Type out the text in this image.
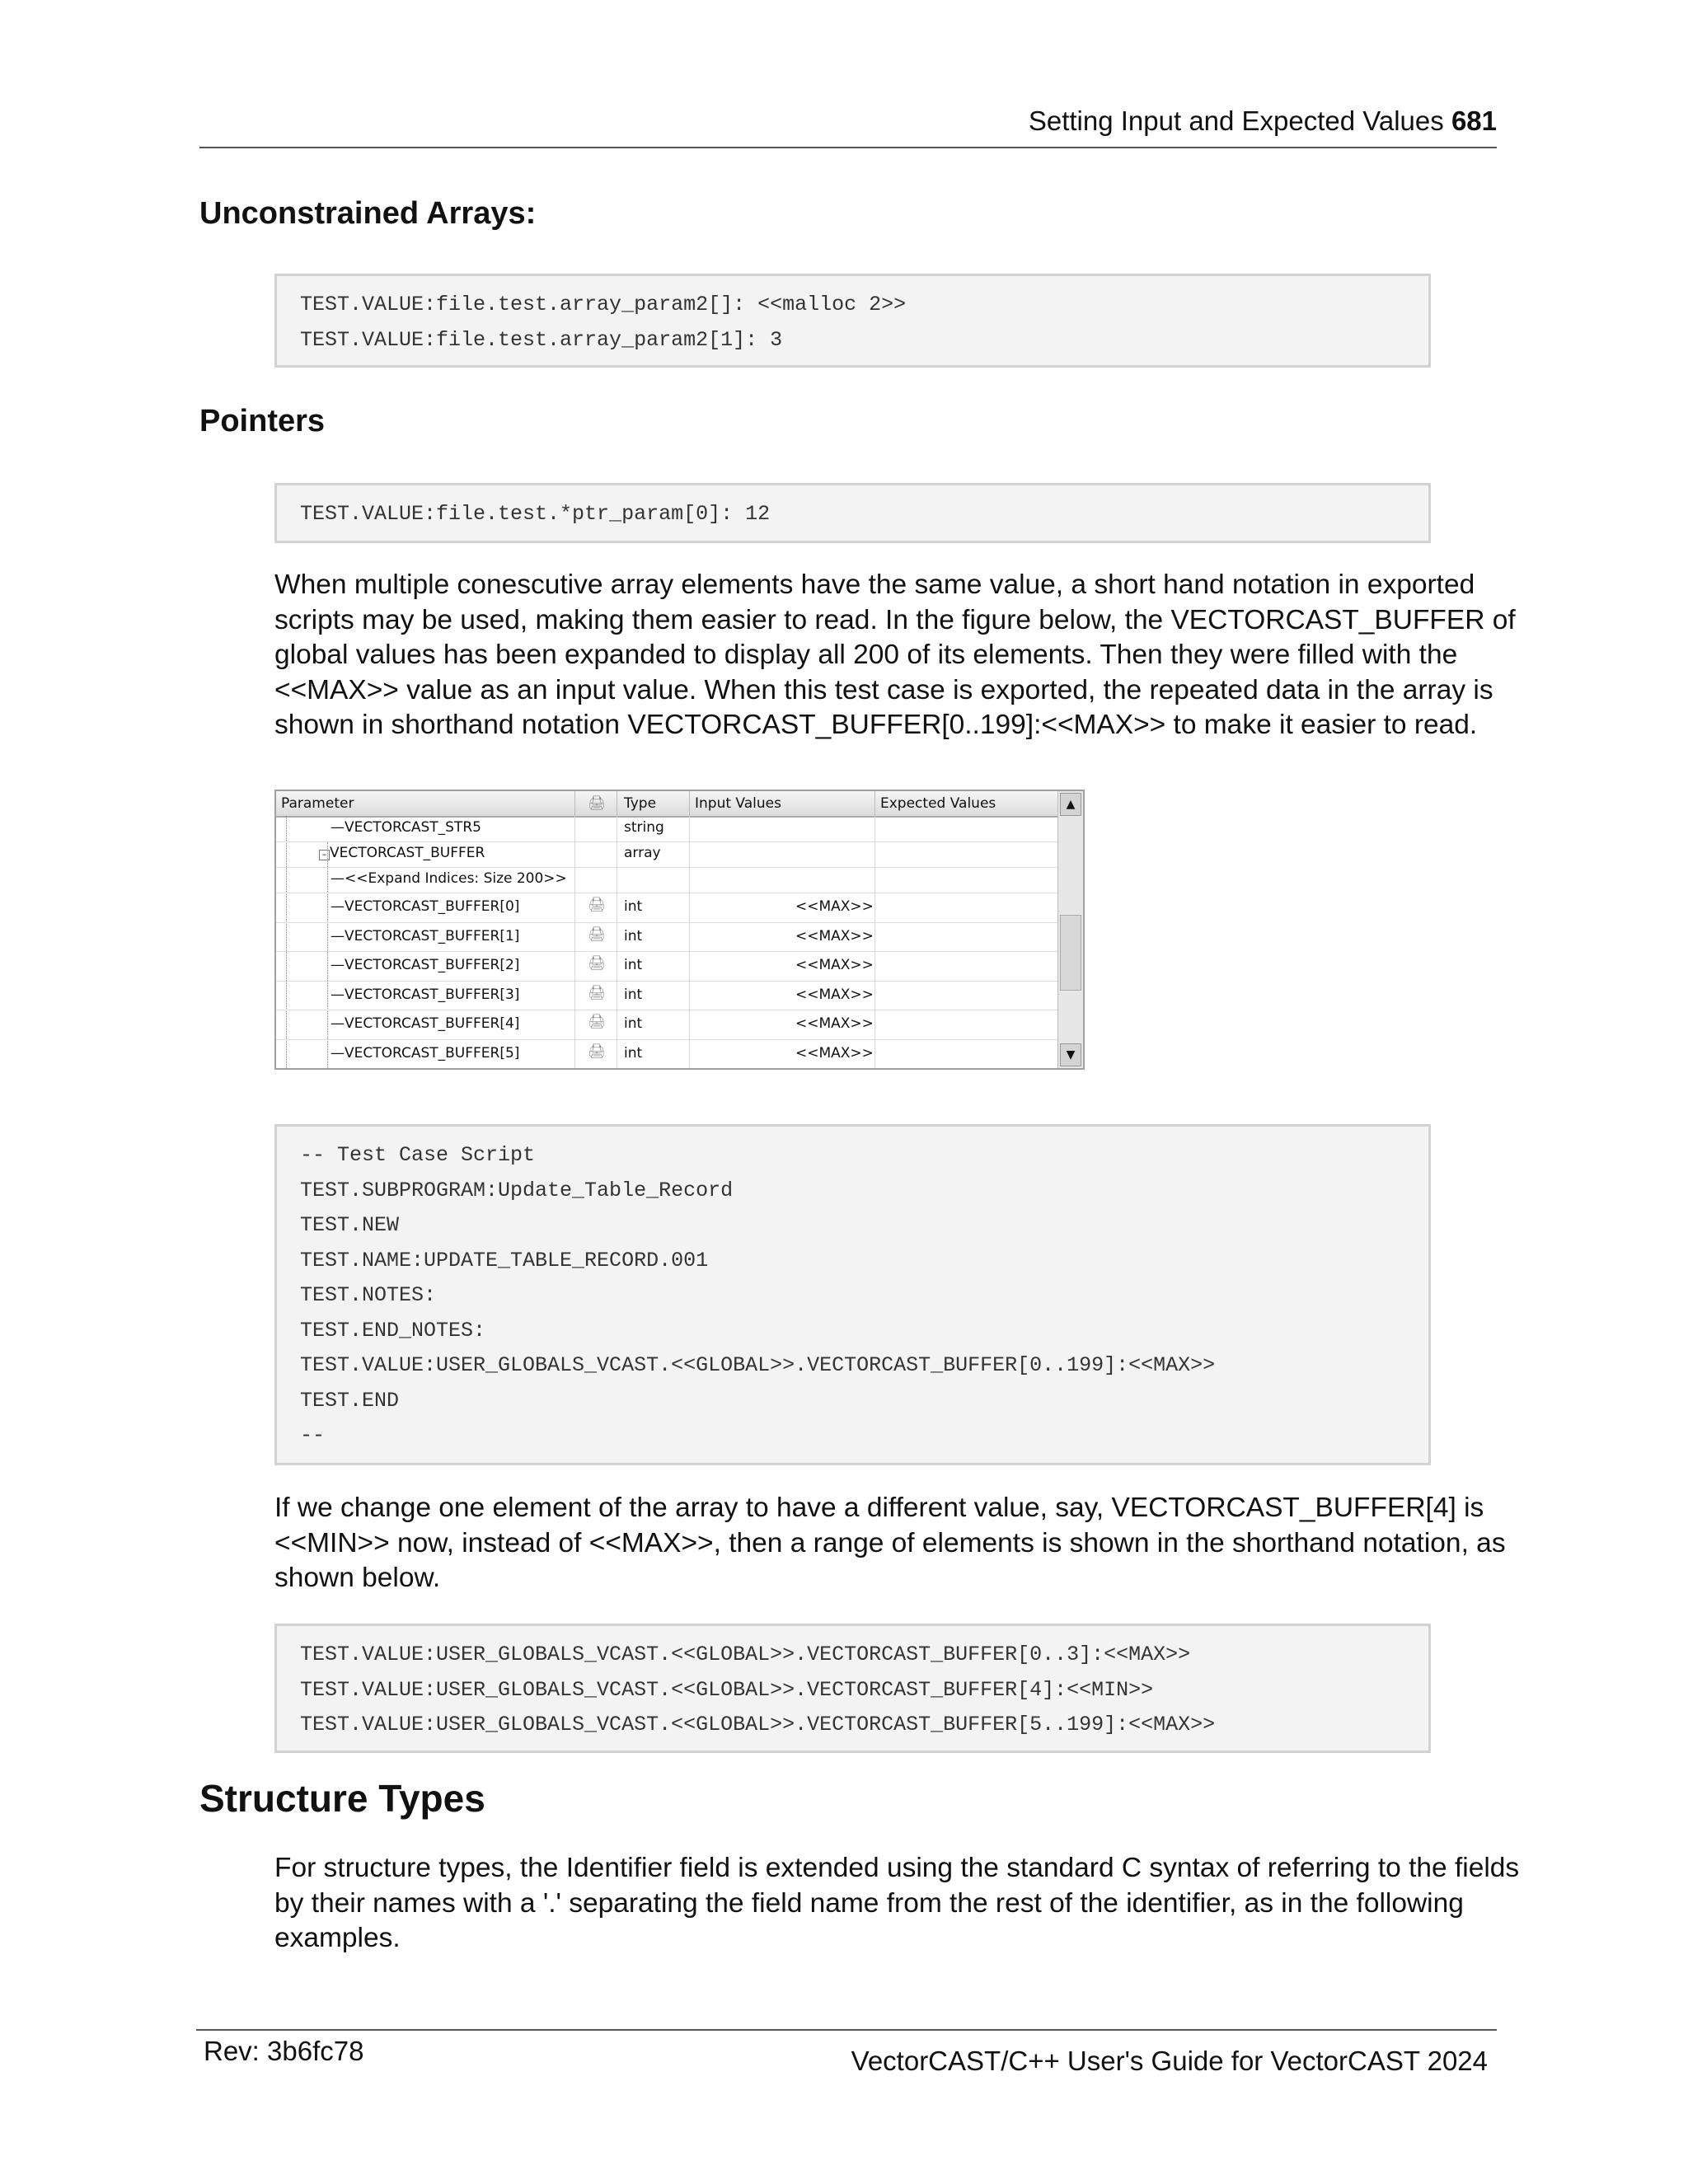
Setting Input and Expected Values 681
Unconstrained Arrays:
TEST.VALUE:file.test.array_param2[]: <<malloc 2>>
TEST.VALUE:file.test.array_param2[1]: 3
Pointers
TEST.VALUE:file.test.*ptr_param[0]: 12
When multiple conescutive array elements have the same value, a short hand notation in exported
scripts may be used, making them easier to read. In the figure below, the VECTORCAST_BUFFER of
global values has been expanded to display all 200 of its elements. Then they were filled with the
<<MAX>> value as an input value. When this test case is exported, the repeated data in the array is
shown in shorthand notation VECTORCAST_BUFFER[0..199]:<<MAX>> to make it easier to read.
Parameter	🖨 Type	Input Values	Expected Values
—VECTORCAST_STR5	string
– VECTORCAST_BUFFER	array
—<<Expand Indices: Size 200>>
—VECTORCAST_BUFFER[0]	🖨 int	<<MAX>>
—VECTORCAST_BUFFER[1]	🖨 int	<<MAX>>
—VECTORCAST_BUFFER[2]	🖨 int	<<MAX>>
—VECTORCAST_BUFFER[3]	🖨 int	<<MAX>>
—VECTORCAST_BUFFER[4]	🖨 int	<<MAX>>
—VECTORCAST_BUFFER[5]	🖨 int	<<MAX>>
▲
▼
-- Test Case Script
TEST.SUBPROGRAM:Update_Table_Record
TEST.NEW
TEST.NAME:UPDATE_TABLE_RECORD.001
TEST.NOTES:
TEST.END_NOTES:
TEST.VALUE:USER_GLOBALS_VCAST.<<GLOBAL>>.VECTORCAST_BUFFER[0..199]:<<MAX>>
TEST.END
--
If we change one element of the array to have a different value, say, VECTORCAST_BUFFER[4] is
<<MIN>> now, instead of <<MAX>>, then a range of elements is shown in the shorthand notation, as
shown below.
TEST.VALUE:USER_GLOBALS_VCAST.<<GLOBAL>>.VECTORCAST_BUFFER[0..3]:<<MAX>>
TEST.VALUE:USER_GLOBALS_VCAST.<<GLOBAL>>.VECTORCAST_BUFFER[4]:<<MIN>>
TEST.VALUE:USER_GLOBALS_VCAST.<<GLOBAL>>.VECTORCAST_BUFFER[5..199]:<<MAX>>
Structure Types
For structure types, the Identifier field is extended using the standard C syntax of referring to the fields
by their names with a '.' separating the field name from the rest of the identifier, as in the following
examples.
Rev: 3b6fc78	VectorCAST/C++ User's Guide for VectorCAST 2024
